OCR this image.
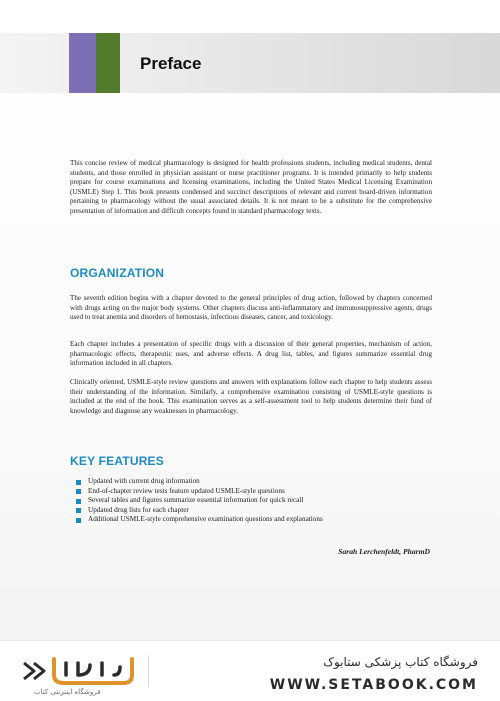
Preface

This concise review of medical pharmacology is designed for health professions students, including medical students, dental students, and those enrolled in physician assistant or nurse practitioner programs. It is intended primarily to help students prepare for course examinations and licensing examinations, including the United States Medical Licensing Examination (USMLE) Step 1. This book presents condensed and succinct descriptions of relevant and current board-driven information pertaining to pharmacology without the usual associated details. It is not meant to be a substitute for the comprehensive presentation of information and difficult concepts found in standard pharmacology texts.

ORGANIZATION

The seventh edition begins with a chapter devoted to the general principles of drug action, followed by chapters concerned with drugs acting on the major body systems. Other chapters discuss anti-inflammatory and immunosuppressive agents, drugs used to treat anemia and disorders of hemostasis, infectious diseases, cancer, and toxicology.

Each chapter includes a presentation of specific drugs with a discussion of their general properties, mechanism of action, pharmacologic effects, therapeutic uses, and adverse effects. A drug list, tables, and figures summarize essential drug information included in all chapters.

Clinically oriented, USMLE-style review questions and answers with explanations follow each chapter to help students assess their understanding of the information. Similarly, a comprehensive examination consisting of USMLE-style questions is included at the end of the book. This examination serves as a self-assessment tool to help students determine their fund of knowledge and diagnose any weaknesses in pharmacology.

KEY FEATURES
Updated with current drug information
End-of-chapter review tests feature updated USMLE-style questions
Several tables and figures summarize essential information for quick recall
Updated drug lists for each chapter
Additional USMLE-style comprehensive examination questions and explanations
Sarah Lerchenfeldt, PharmD
فروشگاه اینترنتی کتاب
فروشگاه کتاب پزشکی ستابوک
WWW.SETABOOK.COM
